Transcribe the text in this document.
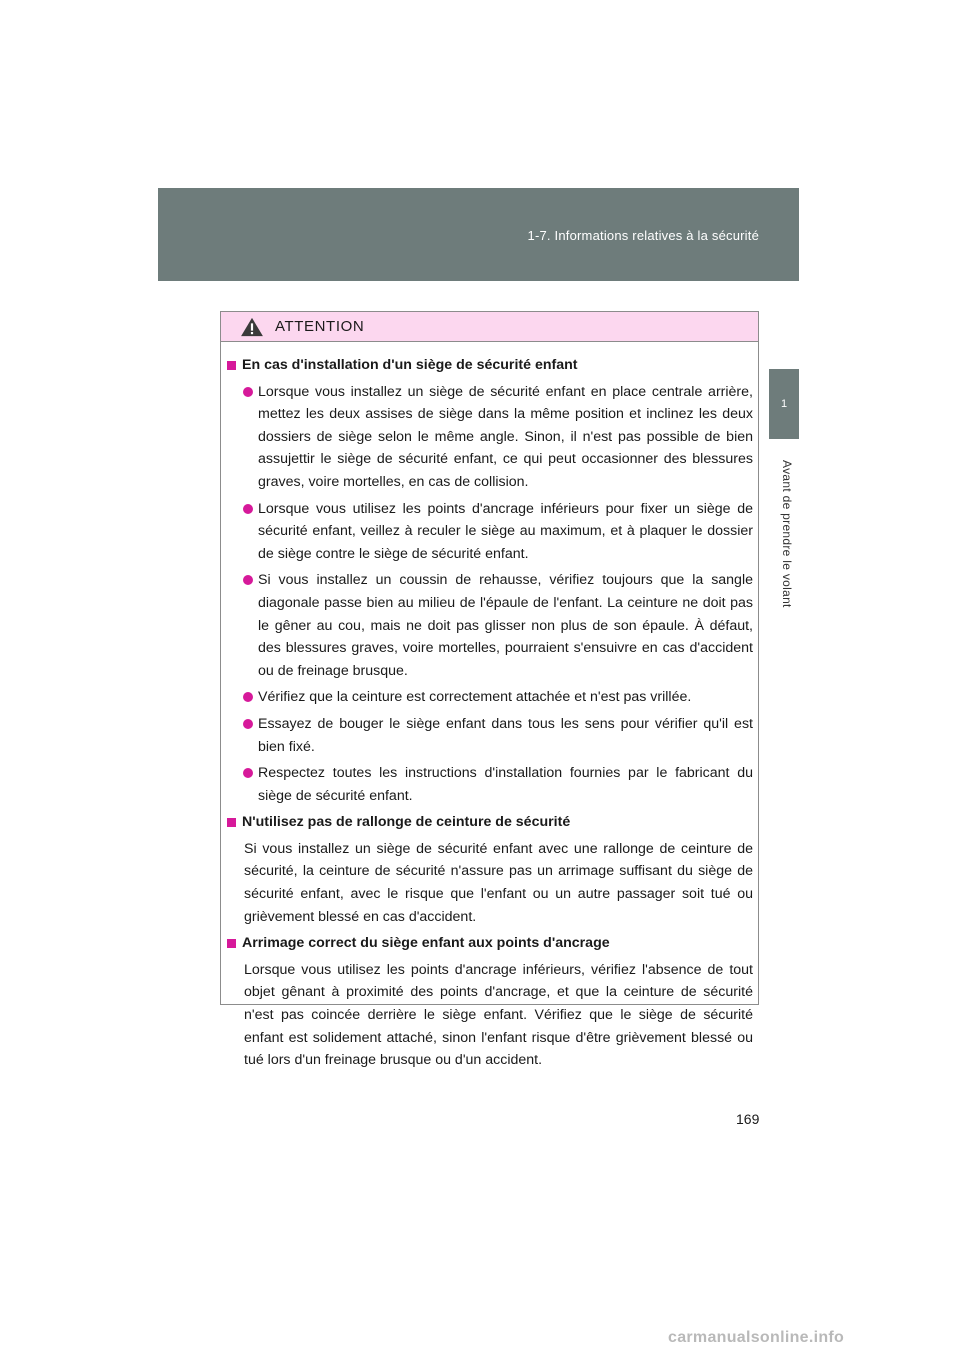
1-7. Informations relatives à la sécurité
1
Avant de prendre le volant
ATTENTION
En cas d'installation d'un siège de sécurité enfant
Lorsque vous installez un siège de sécurité enfant en place centrale arrière, mettez les deux assises de siège dans la même position et inclinez les deux dossiers de siège selon le même angle. Sinon, il n'est pas possible de bien assujettir le siège de sécurité enfant, ce qui peut occasionner des blessures graves, voire mortelles, en cas de collision.
Lorsque vous utilisez les points d'ancrage inférieurs pour fixer un siège de sécurité enfant, veillez à reculer le siège au maximum, et à plaquer le dossier de siège contre le siège de sécurité enfant.
Si vous installez un coussin de rehausse, vérifiez toujours que la sangle diagonale passe bien au milieu de l'épaule de l'enfant. La ceinture ne doit pas le gêner au cou, mais ne doit pas glisser non plus de son épaule. À défaut, des blessures graves, voire mortelles, pourraient s'ensuivre en cas d'accident ou de freinage brusque.
Vérifiez que la ceinture est correctement attachée et n'est pas vrillée.
Essayez de bouger le siège enfant dans tous les sens pour vérifier qu'il est bien fixé.
Respectez toutes les instructions d'installation fournies par le fabricant du siège de sécurité enfant.
N'utilisez pas de rallonge de ceinture de sécurité
Si vous installez un siège de sécurité enfant avec une rallonge de ceinture de sécurité, la ceinture de sécurité n'assure pas un arrimage suffisant du siège de sécurité enfant, avec le risque que l'enfant ou un autre passager soit tué ou grièvement blessé en cas d'accident.
Arrimage correct du siège enfant aux points d'ancrage
Lorsque vous utilisez les points d'ancrage inférieurs, vérifiez l'absence de tout objet gênant à proximité des points d'ancrage, et que la ceinture de sécurité n'est pas coincée derrière le siège enfant. Vérifiez que le siège de sécurité enfant est solidement attaché, sinon l'enfant risque d'être grièvement blessé ou tué lors d'un freinage brusque ou d'un accident.
169
carmanualsonline.info
